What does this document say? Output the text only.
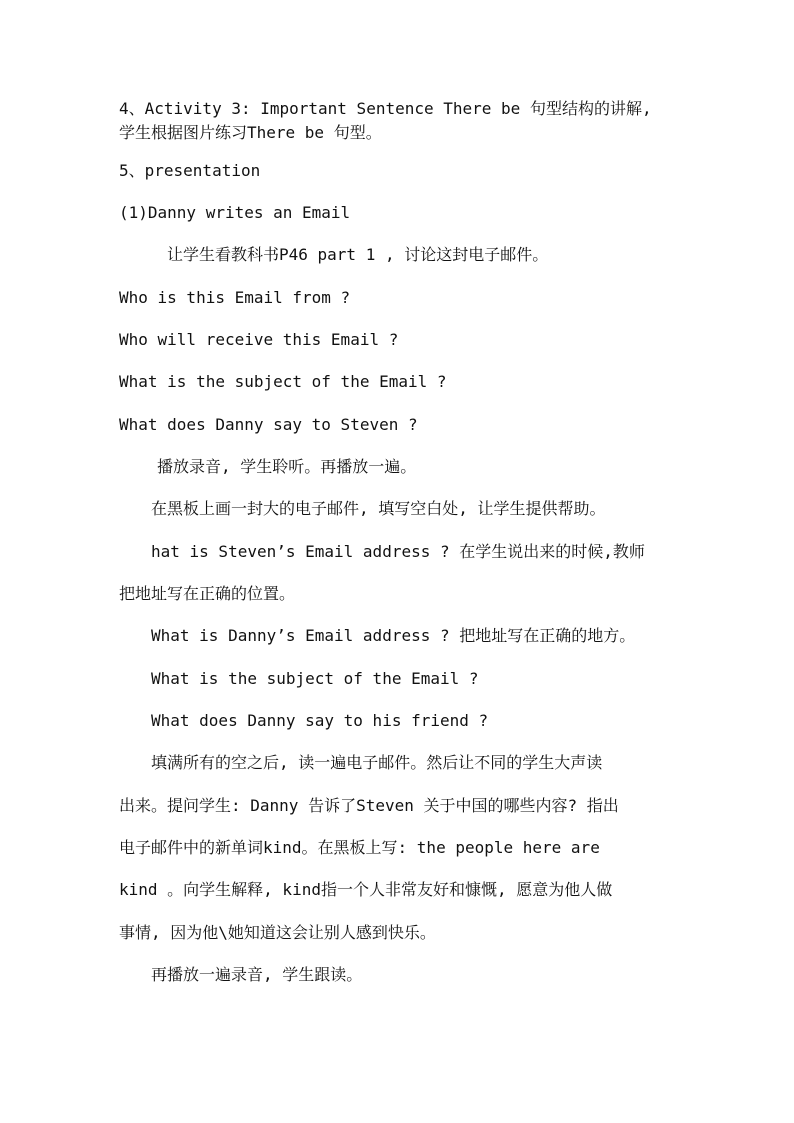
4、Activity 3: Important Sentence There be 句型结构的讲解,
学生根据图片练习There be 句型。
5、presentation
(1)Danny writes an Email
让学生看教科书P46 part 1 , 讨论这封电子邮件。
Who is this Email from ?
Who will receive this Email ?
What is the subject of the Email ?
What does Danny say to Steven ?
播放录音, 学生聆听。再播放一遍。
在黑板上画一封大的电子邮件, 填写空白处, 让学生提供帮助。
hat is Steven’s Email address ? 在学生说出来的时候,教师
把地址写在正确的位置。
What is Danny’s Email address ? 把地址写在正确的地方。
What is the subject of the Email ?
What does Danny say to his friend ?
填满所有的空之后, 读一遍电子邮件。然后让不同的学生大声读
出来。提问学生: Danny 告诉了Steven 关于中国的哪些内容? 指出
电子邮件中的新单词kind。在黑板上写: the people here are
kind 。向学生解释, kind指一个人非常友好和慷慨, 愿意为他人做
事情, 因为他\她知道这会让别人感到快乐。
再播放一遍录音, 学生跟读。
